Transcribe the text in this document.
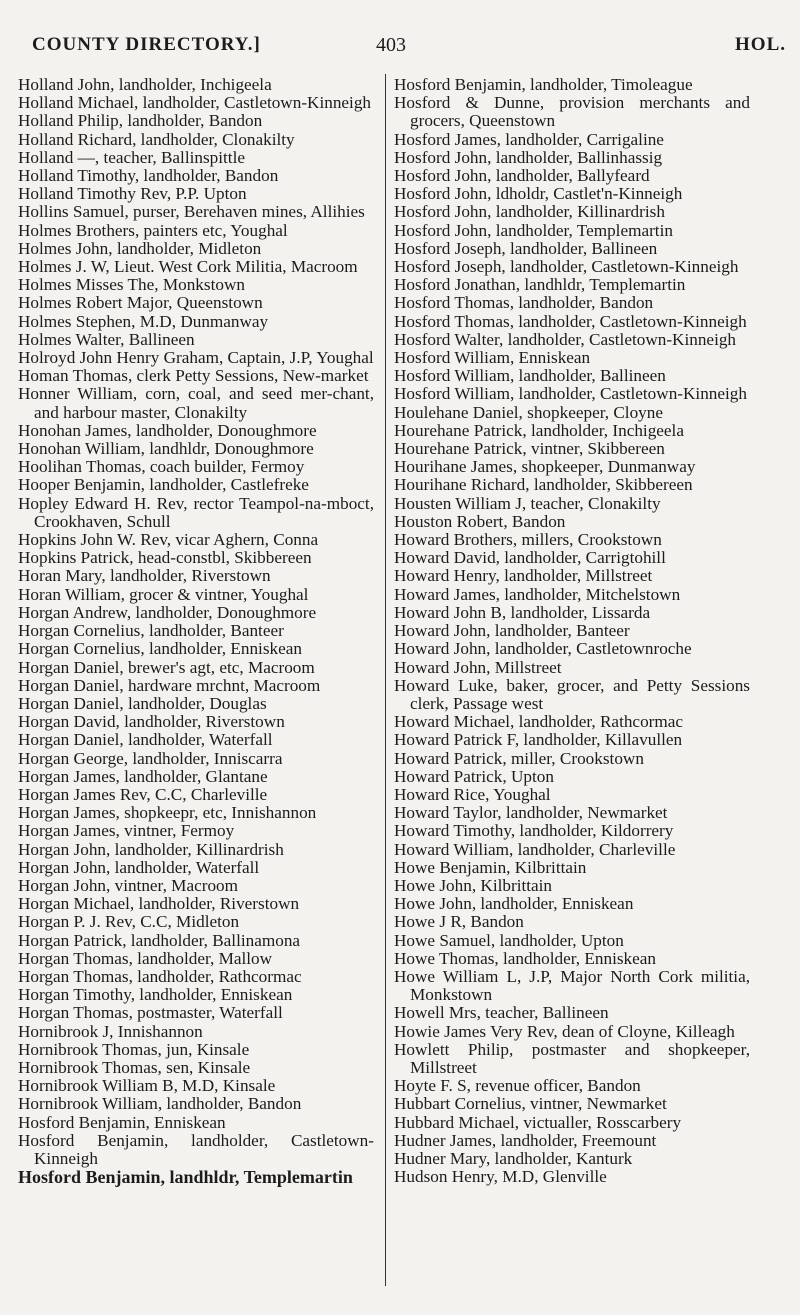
COUNTY DIRECTORY.]	403	HOL.
Holland John, landholder, Inchigeela
Holland Michael, landholder, Castletown-Kinneigh
Holland Philip, landholder, Bandon
Holland Richard, landholder, Clonakilty
Holland —, teacher, Ballinspittle
Holland Timothy, landholder, Bandon
Holland Timothy Rev, P.P. Upton
Hollins Samuel, purser, Berehaven mines, Allihies
Holmes Brothers, painters etc, Youghal
Holmes John, landholder, Midleton
Holmes J. W, Lieut. West Cork Militia, Macroom
Holmes Misses The, Monkstown
Holmes Robert Major, Queenstown
Holmes Stephen, M.D, Dunmanway
Holmes Walter, Ballineen
Holroyd John Henry Graham, Captain, J.P, Youghal
Homan Thomas, clerk Petty Sessions, New-market
Honner William, corn, coal, and seed mer-chant, and harbour master, Clonakilty
Honohan James, landholder, Donoughmore
Honohan William, landhldr, Donoughmore
Hoolihan Thomas, coach builder, Fermoy
Hooper Benjamin, landholder, Castlefreke
Hopley Edward H. Rev, rector Teampol-na-mboct, Crookhaven, Schull
Hopkins John W. Rev, vicar Aghern, Conna
Hopkins Patrick, head-constbl, Skibbereen
Horan Mary, landholder, Riverstown
Horan William, grocer & vintner, Youghal
Horgan Andrew, landholder, Donoughmore
Horgan Cornelius, landholder, Banteer
Horgan Cornelius, landholder, Enniskean
Horgan Daniel, brewer's agt, etc, Macroom
Horgan Daniel, hardware mrchnt, Macroom
Horgan Daniel, landholder, Douglas
Horgan David, landholder, Riverstown
Horgan Daniel, landholder, Waterfall
Horgan George, landholder, Inniscarra
Horgan James, landholder, Glantane
Horgan James Rev, C.C, Charleville
Horgan James, shopkeepr, etc, Innishannon
Horgan James, vintner, Fermoy
Horgan John, landholder, Killinardrish
Horgan John, landholder, Waterfall
Horgan John, vintner, Macroom
Horgan Michael, landholder, Riverstown
Horgan P. J. Rev, C.C, Midleton
Horgan Patrick, landholder, Ballinamona
Horgan Thomas, landholder, Mallow
Horgan Thomas, landholder, Rathcormac
Horgan Timothy, landholder, Enniskean
Horgan Thomas, postmaster, Waterfall
Hornibrook J, Innishannon
Hornibrook Thomas, jun, Kinsale
Hornibrook Thomas, sen, Kinsale
Hornibrook William B, M.D, Kinsale
Hornibrook William, landholder, Bandon
Hosford Benjamin, Enniskean
Hosford Benjamin, landholder, Castletown-Kinneigh
Hosford Benjamin, landhldr, Templemartin
Hosford Benjamin, landholder, Timoleague
Hosford & Dunne, provision merchants and grocers, Queenstown
Hosford James, landholder, Carrigaline
Hosford John, landholder, Ballinhassig
Hosford John, landholder, Ballyfeard
Hosford John, ldholdr, Castlet'n-Kinneigh
Hosford John, landholder, Killinardrish
Hosford John, landholder, Templemartin
Hosford Joseph, landholder, Ballineen
Hosford Joseph, landholder, Castletown-Kinneigh
Hosford Jonathan, landhldr, Templemartin
Hosford Thomas, landholder, Bandon
Hosford Thomas, landholder, Castletown-Kinneigh
Hosford Walter, landholder, Castletown-Kinneigh
Hosford William, Enniskean
Hosford William, landholder, Ballineen
Hosford William, landholder, Castletown-Kinneigh
Houlehane Daniel, shopkeeper, Cloyne
Hourehane Patrick, landholder, Inchigeela
Hourehane Patrick, vintner, Skibbereen
Hourihane James, shopkeeper, Dunmanway
Hourihane Richard, landholder, Skibbereen
Housten William J, teacher, Clonakilty
Houston Robert, Bandon
Howard Brothers, millers, Crookstown
Howard David, landholder, Carrigtohill
Howard Henry, landholder, Millstreet
Howard James, landholder, Mitchelstown
Howard John B, landholder, Lissarda
Howard John, landholder, Banteer
Howard John, landholder, Castletownroche
Howard John, Millstreet
Howard Luke, baker, grocer, and Petty Sessions clerk, Passage west
Howard Michael, landholder, Rathcormac
Howard Patrick F, landholder, Killavullen
Howard Patrick, miller, Crookstown
Howard Patrick, Upton
Howard Rice, Youghal
Howard Taylor, landholder, Newmarket
Howard Timothy, landholder, Kildorrery
Howard William, landholder, Charleville
Howe Benjamin, Kilbrittain
Howe John, Kilbrittain
Howe John, landholder, Enniskean
Howe J R, Bandon
Howe Samuel, landholder, Upton
Howe Thomas, landholder, Enniskean
Howe William L, J.P, Major North Cork militia, Monkstown
Howell Mrs, teacher, Ballineen
Howie James Very Rev, dean of Cloyne, Killeagh
Howlett Philip, postmaster and shopkeeper, Millstreet
Hoyte F. S, revenue officer, Bandon
Hubbart Cornelius, vintner, Newmarket
Hubbard Michael, victualler, Rosscarbery
Hudner James, landholder, Freemount
Hudner Mary, landholder, Kanturk
Hudson Henry, M.D, Glenville
